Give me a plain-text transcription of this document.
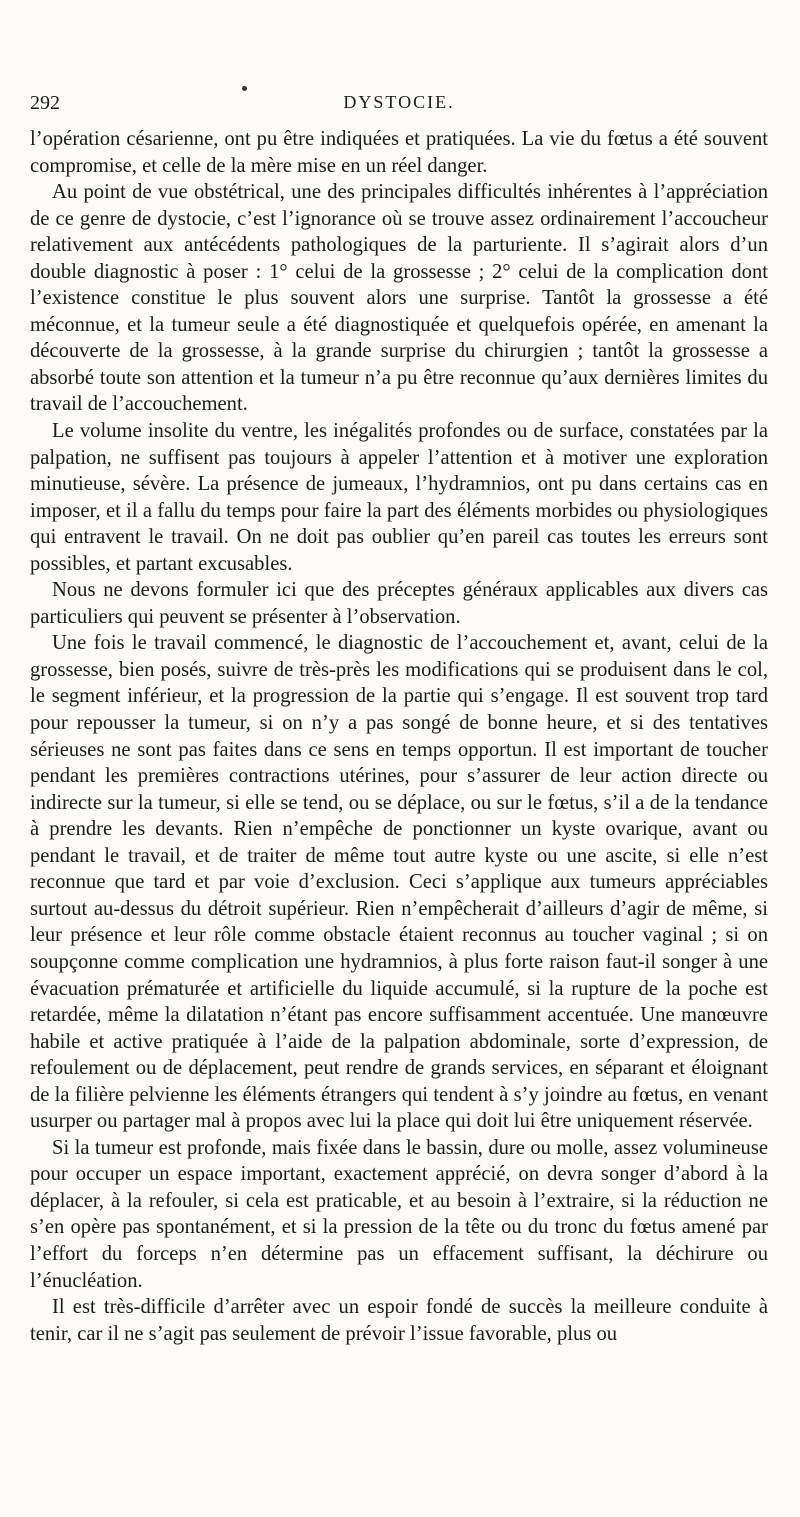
292	DYSTOCIE.

l’opération césarienne, ont pu être indiquées et pratiquées. La vie du fœtus a été souvent compromise, et celle de la mère mise en un réel danger.

Au point de vue obstétrical, une des principales difficultés inhérentes à l’appréciation de ce genre de dystocie, c’est l’ignorance où se trouve assez ordinairement l’accoucheur relativement aux antécédents pathologiques de la parturiente. Il s’agirait alors d’un double diagnostic à poser : 1° celui de la grossesse ; 2° celui de la complication dont l’existence constitue le plus souvent alors une surprise. Tantôt la grossesse a été méconnue, et la tumeur seule a été diagnostiquée et quelquefois opérée, en amenant la découverte de la grossesse, à la grande surprise du chirurgien ; tantôt la grossesse a absorbé toute son attention et la tumeur n’a pu être reconnue qu’aux dernières limites du travail de l’accouchement.

Le volume insolite du ventre, les inégalités profondes ou de surface, constatées par la palpation, ne suffisent pas toujours à appeler l’attention et à motiver une exploration minutieuse, sévère. La présence de jumeaux, l’hydramnios, ont pu dans certains cas en imposer, et il a fallu du temps pour faire la part des éléments morbides ou physiologiques qui entravent le travail. On ne doit pas oublier qu’en pareil cas toutes les erreurs sont possibles, et partant excusables.

Nous ne devons formuler ici que des préceptes généraux applicables aux divers cas particuliers qui peuvent se présenter à l’observation.

Une fois le travail commencé, le diagnostic de l’accouchement et, avant, celui de la grossesse, bien posés, suivre de très-près les modifications qui se produisent dans le col, le segment inférieur, et la progression de la partie qui s’engage. Il est souvent trop tard pour repousser la tumeur, si on n’y a pas songé de bonne heure, et si des tentatives sérieuses ne sont pas faites dans ce sens en temps opportun. Il est important de toucher pendant les premières contractions utérines, pour s’assurer de leur action directe ou indirecte sur la tumeur, si elle se tend, ou se déplace, ou sur le fœtus, s’il a de la tendance à prendre les devants. Rien n’empêche de ponctionner un kyste ovarique, avant ou pendant le travail, et de traiter de même tout autre kyste ou une ascite, si elle n’est reconnue que tard et par voie d’exclusion. Ceci s’applique aux tumeurs appréciables surtout au-dessus du détroit supérieur. Rien n’empêcherait d’ailleurs d’agir de même, si leur présence et leur rôle comme obstacle étaient reconnus au toucher vaginal ; si on soupçonne comme complication une hydramnios, à plus forte raison faut-il songer à une évacuation prématurée et artificielle du liquide accumulé, si la rupture de la poche est retardée, même la dilatation n’étant pas encore suffisamment accentuée. Une manœuvre habile et active pratiquée à l’aide de la palpation abdominale, sorte d’expression, de refoulement ou de déplacement, peut rendre de grands services, en séparant et éloignant de la filière pelvienne les éléments étrangers qui tendent à s’y joindre au fœtus, en venant usurper ou partager mal à propos avec lui la place qui doit lui être uniquement réservée.

Si la tumeur est profonde, mais fixée dans le bassin, dure ou molle, assez volumineuse pour occuper un espace important, exactement apprécié, on devra songer d’abord à la déplacer, à la refouler, si cela est praticable, et au besoin à l’extraire, si la réduction ne s’en opère pas spontanément, et si la pression de la tête ou du tronc du fœtus amené par l’effort du forceps n’en détermine pas un effacement suffisant, la déchirure ou l’énucléation.

Il est très-difficile d’arrêter avec un espoir fondé de succès la meilleure conduite à tenir, car il ne s’agit pas seulement de prévoir l’issue favorable, plus ou
